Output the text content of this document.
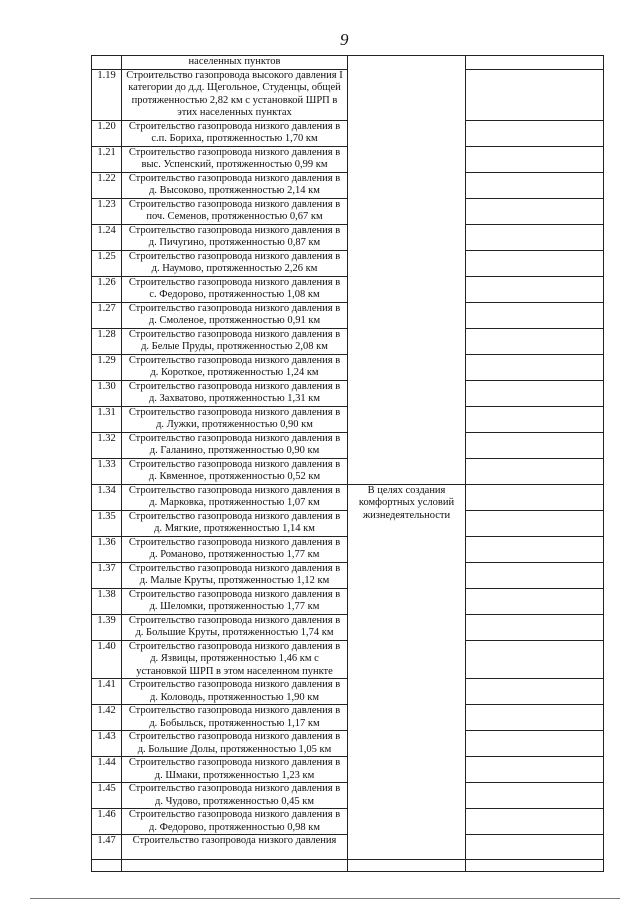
9
	населенных пунктов		
1.19	Строительство газопровода высокого давления I категории до д.д. Щегольное, Студенцы, общей протяженностью 2,82 км с установкой ШРП в этих населенных пунктах		
1.20	Строительство газопровода низкого давления в с.п. Бориха, протяженностью 1,70 км		
1.21	Строительство газопровода низкого давления в выс. Успенский, протяженностью 0,99 км		
1.22	Строительство газопровода низкого давления в д. Высоково, протяженностью 2,14 км		
1.23	Строительство газопровода низкого давления в поч. Семенов, протяженностью 0,67 км		
1.24	Строительство газопровода низкого давления в д. Пичугино, протяженностью 0,87 км		
1.25	Строительство газопровода низкого давления в д. Наумово, протяженностью 2,26 км		
1.26	Строительство газопровода низкого давления в с. Федорово, протяженностью 1,08 км		
1.27	Строительство газопровода низкого давления в д. Смоленое, протяженностью 0,91 км		
1.28	Строительство газопровода низкого давления в д. Белые Пруды, протяженностью 2,08 км		
1.29	Строительство газопровода низкого давления в д. Короткое, протяженностью 1,24 км		
1.30	Строительство газопровода низкого давления в д. Захватово, протяженностью 1,31 км		
1.31	Строительство газопровода низкого давления в д. Лужки, протяженностью 0,90 км		
1.32	Строительство газопровода низкого давления в д. Галанино, протяженностью 0,90 км		
1.33	Строительство газопровода низкого давления в д. Квменное, протяженностью 0,52 км		
1.34	Строительство газопровода низкого давления в д. Марковка, протяженностью 1,07 км	В целях создания комфортных условий жизнедеятельности	
1.35	Строительство газопровода низкого давления в д. Мягкие, протяженностью 1,14 км		
1.36	Строительство газопровода низкого давления в д. Романово, протяженностью 1,77 км		
1.37	Строительство газопровода низкого давления в д. Малые Круты, протяженностью 1,12 км		
1.38	Строительство газопровода низкого давления в д. Шеломки, протяженностью 1,77 км		
1.39	Строительство газопровода низкого давления в д. Большие Круты, протяженностью 1,74 км		
1.40	Строительство газопровода низкого давления в д. Язвицы, протяженностью 1,46 км с установкой ШРП в этом населенном пункте		
1.41	Строительство газопровода низкого давления в д. Коловодь, протяженностью 1,90 км		
1.42	Строительство газопровода низкого давления в д. Бобыльск, протяженностью 1,17 км		
1.43	Строительство газопровода низкого давления в д. Большие Долы, протяженностью 1,05 км		
1.44	Строительство газопровода низкого давления в д. Шмаки, протяженностью 1,23 км		
1.45	Строительство газопровода низкого давления в д. Чудово, протяженностью 0,45 км		
1.46	Строительство газопровода низкого давления в д. Федорово, протяженностью 0,98 км		
1.47	Строительство газопровода низкого давления		
